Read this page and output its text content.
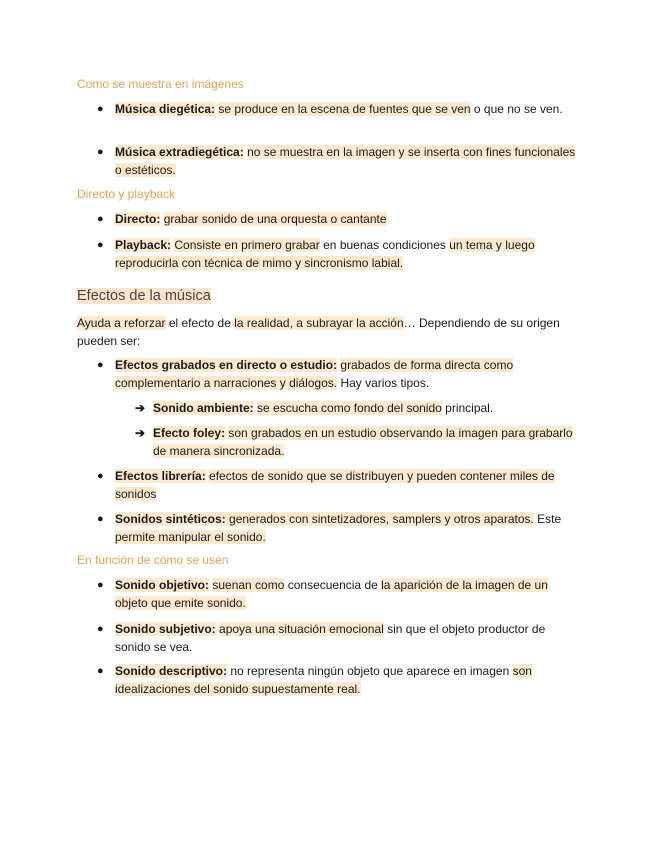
Como se muestra en imágenes
● Música diegética: se produce en la escena de fuentes que se ven o que no se ven.
● Música extradiegética: no se muestra en la imagen y se inserta con fines funcionales o estéticos.
Directo y playback
● Directo: grabar sonido de una orquesta o cantante
● Playback: Consiste en primero grabar en buenas condiciones un tema y luego reproducirla con técnica de mimo y sincronismo labial.
Efectos de la música
Ayuda a reforzar el efecto de la realidad, a subrayar la acción… Dependiendo de su origen pueden ser:
● Efectos grabados en directo o estudio: grabados de forma directa como complementario a narraciones y diálogos. Hay varios tipos.
➔ Sonido ambiente: se escucha como fondo del sonido principal.
➔ Efecto foley: son grabados en un estudio observando la imagen para grabarlo de manera sincronizada.
● Efectos librería: efectos de sonido que se distribuyen y pueden contener miles de sonidos
● Sonidos sintéticos: generados con sintetizadores, samplers y otros aparatos. Este permite manipular el sonido.
En función de cómo se usen
● Sonido objetivo: suenan como consecuencia de la aparición de la imagen de un objeto que emite sonido.
● Sonido subjetivo: apoya una situación emocional sin que el objeto productor de sonido se vea.
● Sonido descriptivo: no representa ningún objeto que aparece en imagen son idealizaciones del sonido supuestamente real.
